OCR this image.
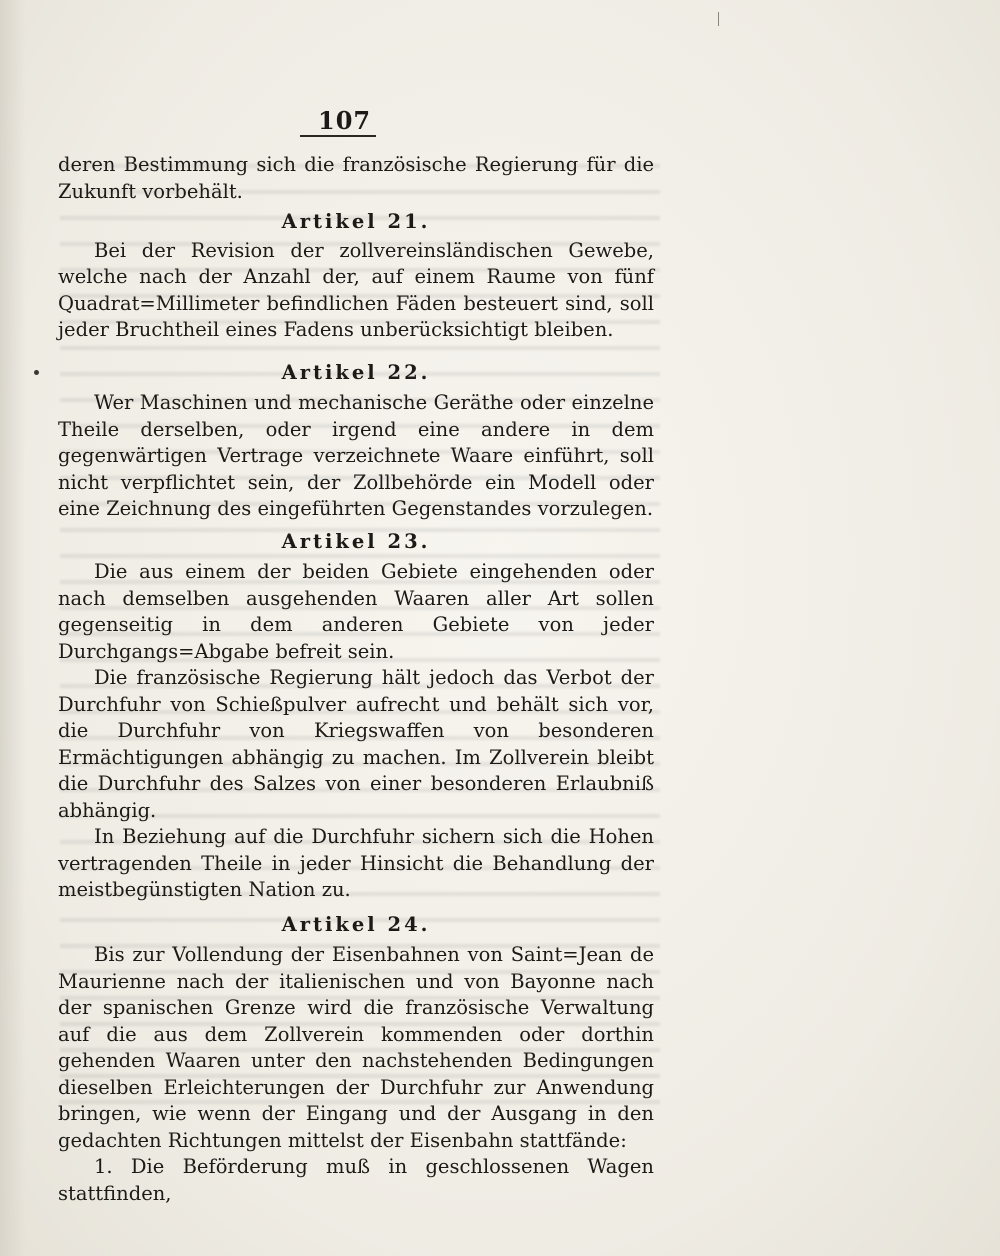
107

deren Bestimmung sich die französische Regierung für die Zukunft vorbehält.

Artikel 21.

Bei der Revision der zollvereinsländischen Gewebe, welche nach der Anzahl der, auf einem Raume von fünf Quadrat=Millimeter befindlichen Fäden besteuert sind, soll jeder Bruchtheil eines Fadens unberücksichtigt bleiben.

Artikel 22.

Wer Maschinen und mechanische Geräthe oder einzelne Theile derselben, oder irgend eine andere in dem gegenwärtigen Vertrage verzeichnete Waare einführt, soll nicht verpflichtet sein, der Zollbehörde ein Modell oder eine Zeichnung des eingeführten Gegenstandes vorzulegen.

Artikel 23.

Die aus einem der beiden Gebiete eingehenden oder nach demselben ausgehenden Waaren aller Art sollen gegenseitig in dem anderen Gebiete von jeder Durchgangs=Abgabe befreit sein.

Die französische Regierung hält jedoch das Verbot der Durchfuhr von Schießpulver aufrecht und behält sich vor, die Durchfuhr von Kriegswaffen von besonderen Ermächtigungen abhängig zu machen. Im Zollverein bleibt die Durchfuhr des Salzes von einer besonderen Erlaubniß abhängig.

In Beziehung auf die Durchfuhr sichern sich die Hohen vertragenden Theile in jeder Hinsicht die Behandlung der meistbegünstigten Nation zu.

Artikel 24.

Bis zur Vollendung der Eisenbahnen von Saint=Jean de Maurienne nach der italienischen und von Bayonne nach der spanischen Grenze wird die französische Verwaltung auf die aus dem Zollverein kommenden oder dorthin gehenden Waaren unter den nachstehenden Bedingungen dieselben Erleichterungen der Durchfuhr zur Anwendung bringen, wie wenn der Eingang und der Ausgang in den gedachten Richtungen mittelst der Eisenbahn stattfände:

1. Die Beförderung muß in geschlossenen Wagen stattfinden,
